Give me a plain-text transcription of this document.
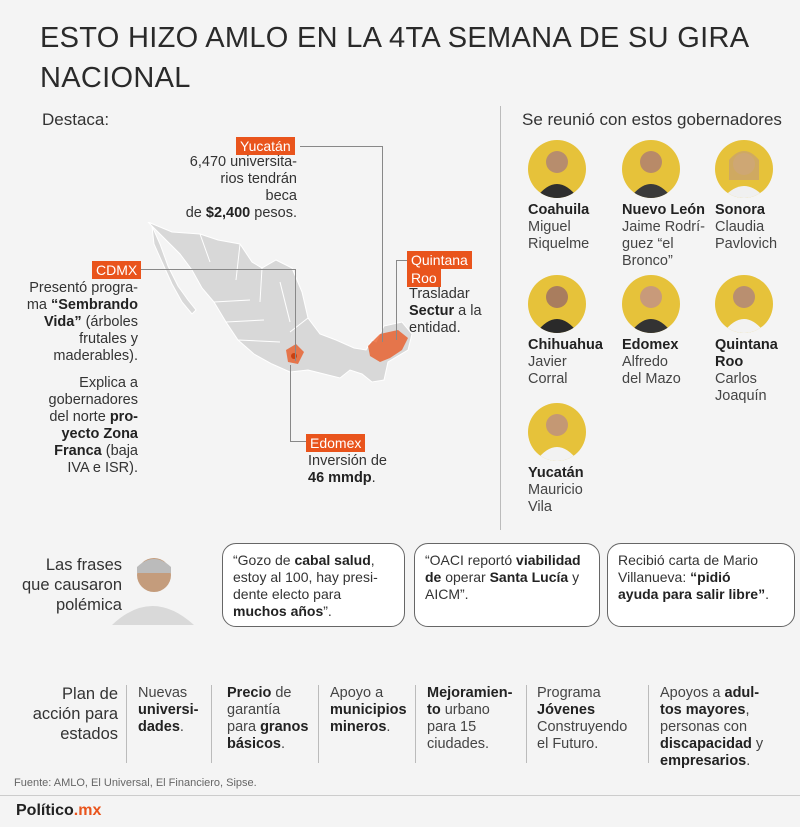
ESTO HIZO AMLO EN LA 4TA SEMANA DE SU GIRA NACIONAL
Destaca:
Yucatán
6,470 universita-
rios tendrán beca
de $2,400 pesos.
CDMX
Presentó progra-
ma “Sembrando
Vida” (árboles
frutales y
maderables).
Explica a
gobernadores
del norte pro-
yecto Zona
Franca (baja
IVA e ISR).
Quintana
Roo
Trasladar
Sectur a la
entidad.
Edomex
Inversión de
46 mmdp.
Se reunió con estos gobernadores
Coahuila
Miguel
Riquelme
Nuevo León
Jaime Rodrí-
guez “el
Bronco”
Sonora
Claudia
Pavlovich
Chihuahua
Javier
Corral
Edomex
Alfredo
del Mazo
Quintana
Roo
Carlos
Joaquín
Yucatán
Mauricio
Vila
Las frases
que causaron
polémica
“Gozo de cabal salud,
estoy al 100, hay presi-
dente electo para
muchos años”.
“OACI reportó viabilidad
de operar Santa Lucía y
AICM”.
Recibió carta de Mario
Villanueva: “pidió
ayuda para salir libre”.
Plan de
acción para
estados
Nuevas
universi-
dades.
Precio de
garantía
para granos
básicos.
Apoyo a
municipios
mineros.
Mejoramien-
to urbano
para 15
ciudades.
Programa
Jóvenes
Construyendo
el Futuro.
Apoyos a adul-
tos mayores,
personas con
discapacidad y
empresarios.
Fuente: AMLO, El Universal, El Financiero, Sipse.
Político.mx
